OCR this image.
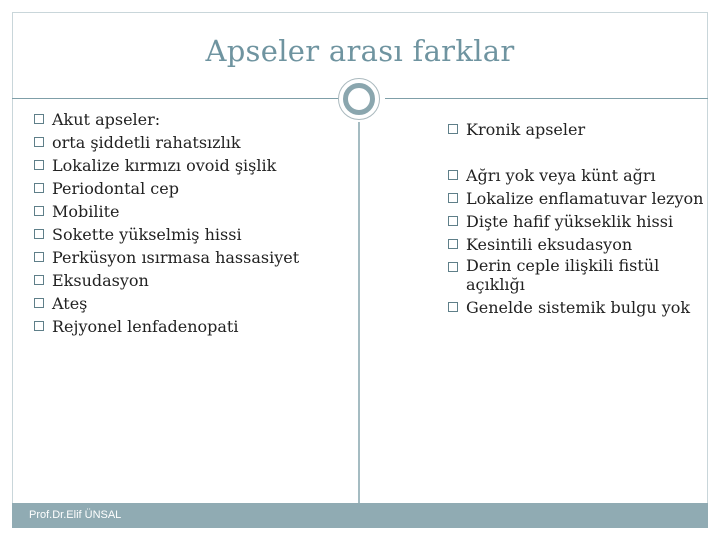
Apseler arası farklar
Akut apseler:
orta şiddetli rahatsızlık
Lokalize kırmızı ovoid şişlik
Periodontal cep
Mobilite
Sokette yükselmiş hissi
Perküsyon ısırmasa hassasiyet
Eksudasyon
Ateş
Rejyonel lenfadenopati
Kronik apseler
Ağrı yok veya künt ağrı
Lokalize enflamatuvar lezyon
Dişte hafif yükseklik hissi
Kesintili eksudasyon
Derin ceple ilişkili fistül açıklığı
Genelde sistemik bulgu yok
Prof.Dr.Elif ÜNSAL
